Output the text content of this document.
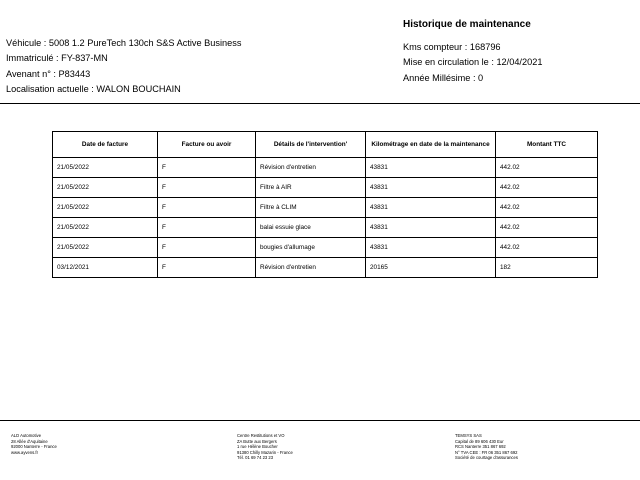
Véhicule : 5008 1.2 PureTech 130ch S&S Active Business
Immatriculé : FY-837-MN
Avenant n° : P83443
Localisation actuelle : WALON BOUCHAIN
Historique de maintenance
Kms compteur : 168796
Mise en circulation le : 12/04/2021
Année Millésime : 0
Date de facture	Facture ou avoir	Détails de l'intervention'	Kilométrage en date de la maintenance	Montant TTC
21/05/2022	F	Révision d'entretien	43831	442.02
21/05/2022	F	Filtre à AIR	43831	442.02
21/05/2022	F	Filtre à CLIM	43831	442.02
21/05/2022	F	balai essuie glace	43831	442.02
21/05/2022	F	bougies d'allumage	43831	442.02
03/12/2021	F	Révision d'entretien	20165	182
ALD Automotive
28 Allée d'Aquitaine
92000 Nanterre - France
www.ayvens.fr
Centre Restitutions et VO
ZA Butte aux Bergers
1 rue Hélène Boucher
91380 Chilly Mazarin - France
Tél. 01 69 74 23 23
TEMSYS SAS
Capital de 89 606 430 Eur
RCS Nanterre 351 867 692
N° TVA CEE : FR 06 351 867 692
Société de courtage d'assurances
